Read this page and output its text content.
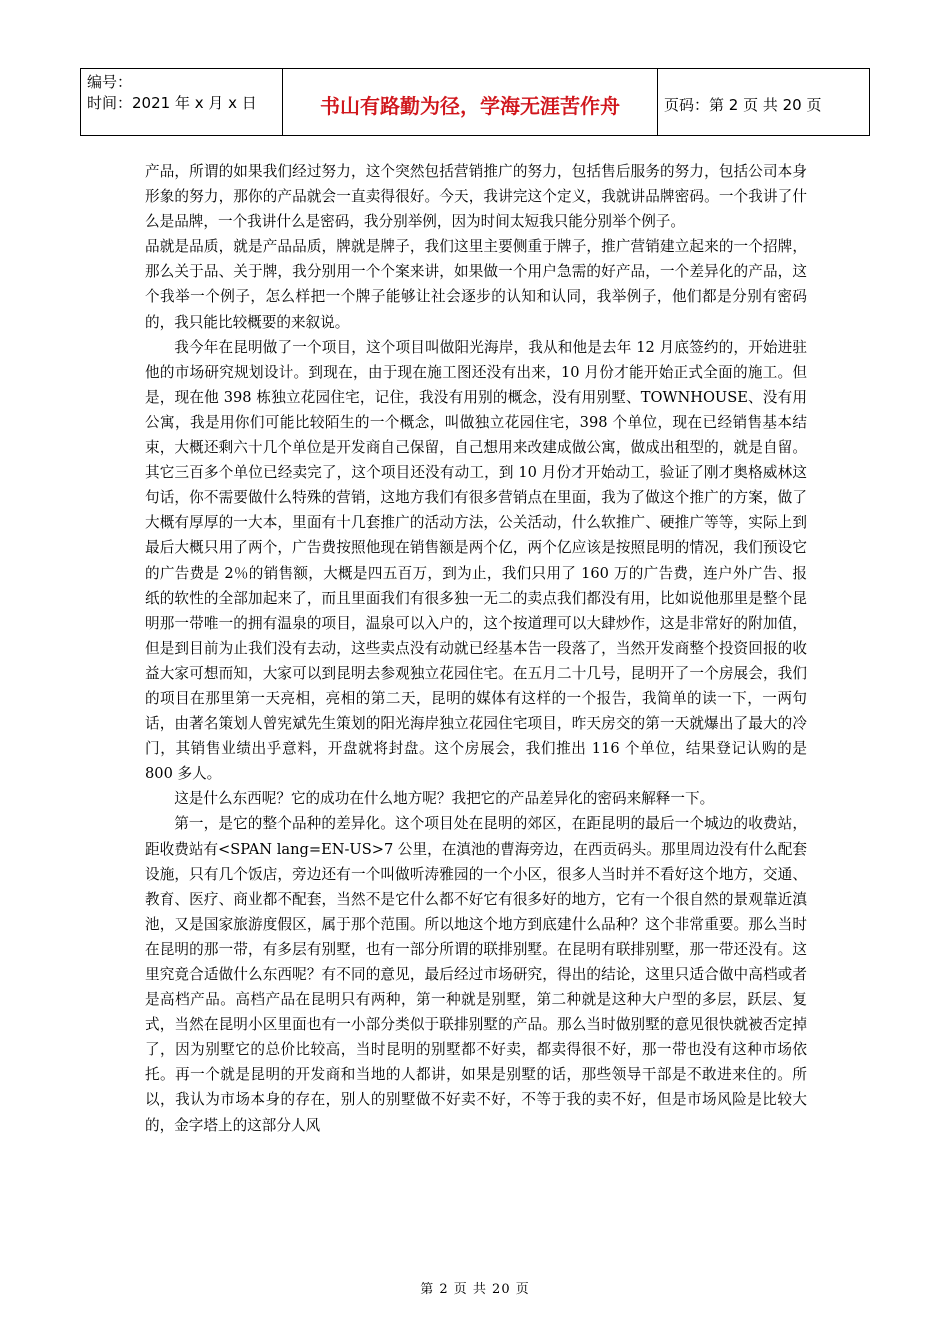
编号：
时间：2021 年 x 月 x 日	书山有路勤为径，学海无涯苦作舟	页码：第 2 页 共 20 页

产品，所谓的如果我们经过努力，这个突然包括营销推广的努力，包括售后服务的努力，包括公司本身形象的努力，那你的产品就会一直卖得很好。今天，我讲完这个定义，我就讲品牌密码。一个我讲了什么是品牌，一个我讲什么是密码，我分别举例，因为时间太短我只能分别举个例子。

品就是品质，就是产品品质，牌就是牌子，我们这里主要侧重于牌子，推广营销建立起来的一个招牌，那么关于品、关于牌，我分别用一个个案来讲，如果做一个用户急需的好产品，一个差异化的产品，这个我举一个例子，怎么样把一个牌子能够让社会逐步的认知和认同，我举例子，他们都是分别有密码的，我只能比较概要的来叙说。

我今年在昆明做了一个项目，这个项目叫做阳光海岸，我从和他是去年 12 月底签约的，开始进驻他的市场研究规划设计。到现在，由于现在施工图还没有出来，10 月份才能开始正式全面的施工。但是，现在他 398 栋独立花园住宅，记住，我没有用别的概念，没有用别墅、TOWNHOUSE、没有用公寓，我是用你们可能比较陌生的一个概念，叫做独立花园住宅，398 个单位，现在已经销售基本结束，大概还剩六十几个单位是开发商自己保留，自己想用来改建成做公寓，做成出租型的，就是自留。其它三百多个单位已经卖完了，这个项目还没有动工，到 10 月份才开始动工，验证了刚才奥格威林这句话，你不需要做什么特殊的营销，这地方我们有很多营销点在里面，我为了做这个推广的方案，做了大概有厚厚的一大本，里面有十几套推广的活动方法，公关活动，什么软推广、硬推广等等，实际上到最后大概只用了两个，广告费按照他现在销售额是两个亿，两个亿应该是按照昆明的情况，我们预设它的广告费是 2％的销售额，大概是四五百万，到为止，我们只用了 160 万的广告费，连户外广告、报纸的软性的全部加起来了，而且里面我们有很多独一无二的卖点我们都没有用，比如说他那里是整个昆明那一带唯一的拥有温泉的项目，温泉可以入户的，这个按道理可以大肆炒作，这是非常好的附加值，但是到目前为止我们没有去动，这些卖点没有动就已经基本告一段落了，当然开发商整个投资回报的收益大家可想而知，大家可以到昆明去参观独立花园住宅。在五月二十几号，昆明开了一个房展会，我们的项目在那里第一天亮相，亮相的第二天，昆明的媒体有这样的一个报告，我简单的读一下，一两句话，由著名策划人曾宪斌先生策划的阳光海岸独立花园住宅项目，昨天房交的第一天就爆出了最大的冷门，其销售业绩出乎意料，开盘就将封盘。这个房展会，我们推出 116 个单位，结果登记认购的是 800 多人。

这是什么东西呢？它的成功在什么地方呢？我把它的产品差异化的密码来解释一下。

第一，是它的整个品种的差异化。这个项目处在昆明的郊区，在距昆明的最后一个城边的收费站，距收费站有<SPAN lang=EN-US>7 公里，在滇池的曹海旁边，在西贡码头。那里周边没有什么配套设施，只有几个饭店，旁边还有一个叫做听涛雅园的一个小区，很多人当时并不看好这个地方，交通、教育、医疗、商业都不配套，当然不是它什么都不好它有很多好的地方，它有一个很自然的景观靠近滇池，又是国家旅游度假区，属于那个范围。所以地这个地方到底建什么品种？这个非常重要。那么当时在昆明的那一带，有多层有别墅，也有一部分所谓的联排别墅。在昆明有联排别墅，那一带还没有。这里究竟合适做什么东西呢？有不同的意见，最后经过市场研究，得出的结论，这里只适合做中高档或者是高档产品。高档产品在昆明只有两种，第一种就是别墅，第二种就是这种大户型的多层，跃层、复式，当然在昆明小区里面也有一小部分类似于联排别墅的产品。那么当时做别墅的意见很快就被否定掉了，因为别墅它的总价比较高，当时昆明的别墅都不好卖，都卖得很不好，那一带也没有这种市场依托。再一个就是昆明的开发商和当地的人都讲，如果是别墅的话，那些领导干部是不敢进来住的。所以，我认为市场本身的存在，别人的别墅做不好卖不好，不等于我的卖不好，但是市场风险是比较大的，金字塔上的这部分人风

第 2 页 共 20 页
